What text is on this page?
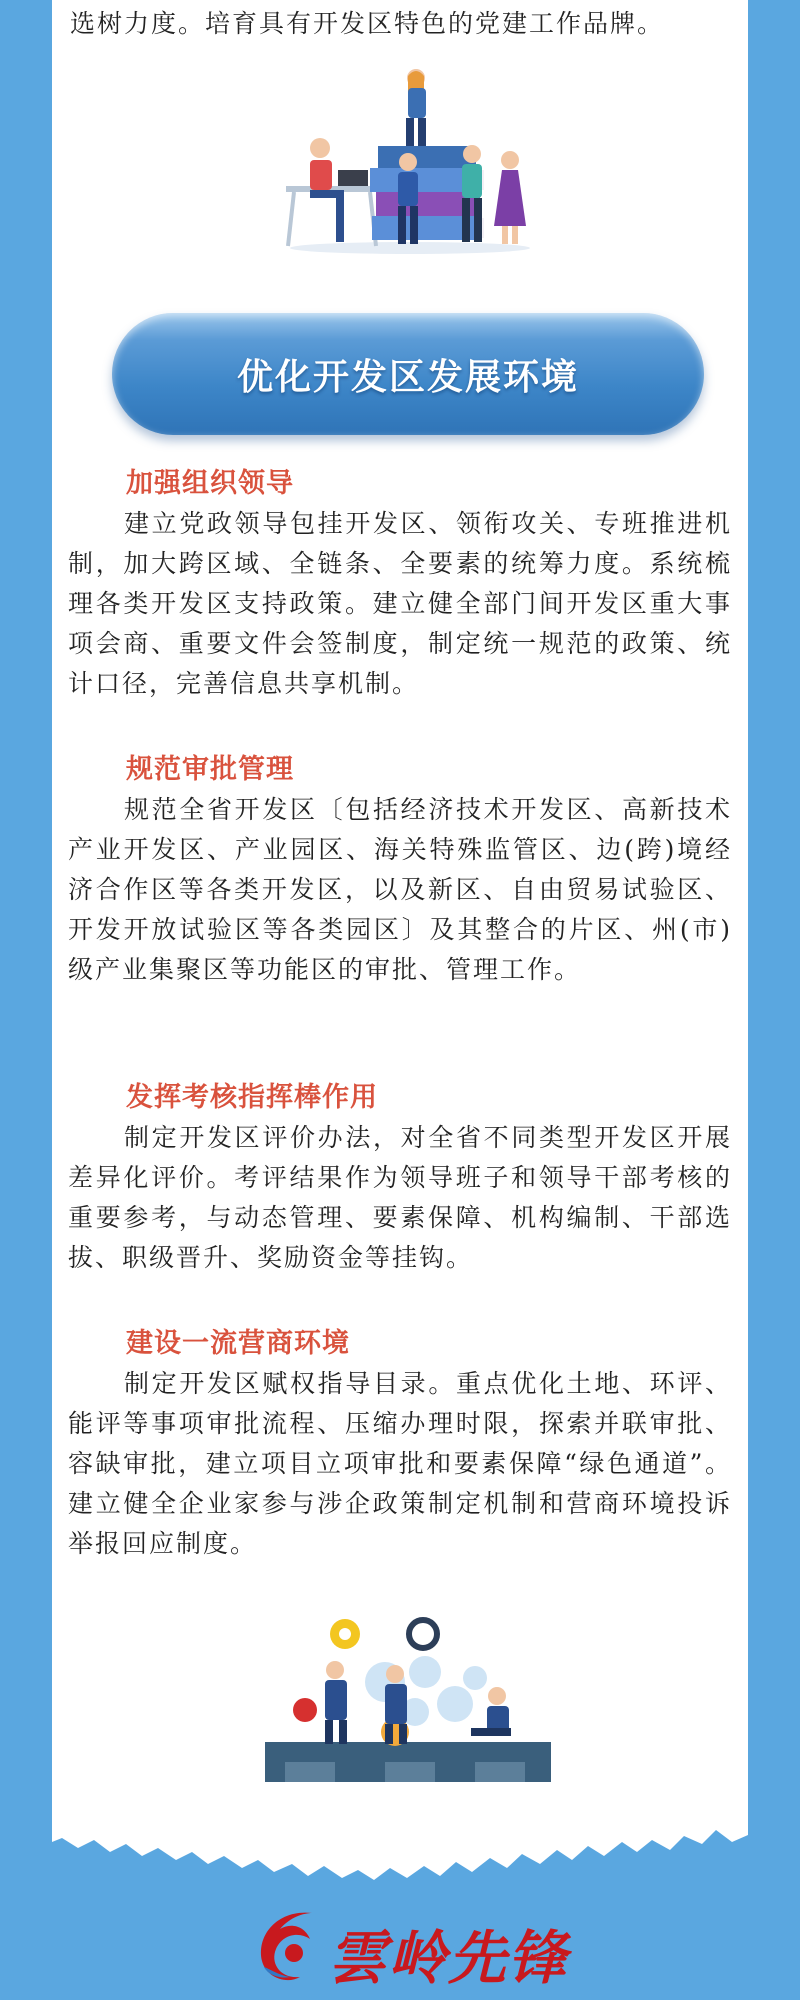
选树力度。培育具有开发区特色的党建工作品牌。

优化开发区发展环境
加强组织领导

建立党政领导包挂开发区、领衔攻关、专班推进机制，加大跨区域、全链条、全要素的统筹力度。系统梳理各类开发区支持政策。建立健全部门间开发区重大事项会商、重要文件会签制度，制定统一规范的政策、统计口径，完善信息共享机制。

规范审批管理

规范全省开发区〔包括经济技术开发区、高新技术产业开发区、产业园区、海关特殊监管区、边(跨)境经济合作区等各类开发区，以及新区、自由贸易试验区、开发开放试验区等各类园区〕及其整合的片区、州(市)级产业集聚区等功能区的审批、管理工作。

发挥考核指挥棒作用

制定开发区评价办法，对全省不同类型开发区开展差异化评价。考评结果作为领导班子和领导干部考核的重要参考，与动态管理、要素保障、机构编制、干部选拔、职级晋升、奖励资金等挂钩。

建设一流营商环境

制定开发区赋权指导目录。重点优化土地、环评、能评等事项审批流程、压缩办理时限，探索并联审批、容缺审批，建立项目立项审批和要素保障“绿色通道”。建立健全企业家参与涉企政策制定机制和营商环境投诉举报回应制度。

雲岭先锋
